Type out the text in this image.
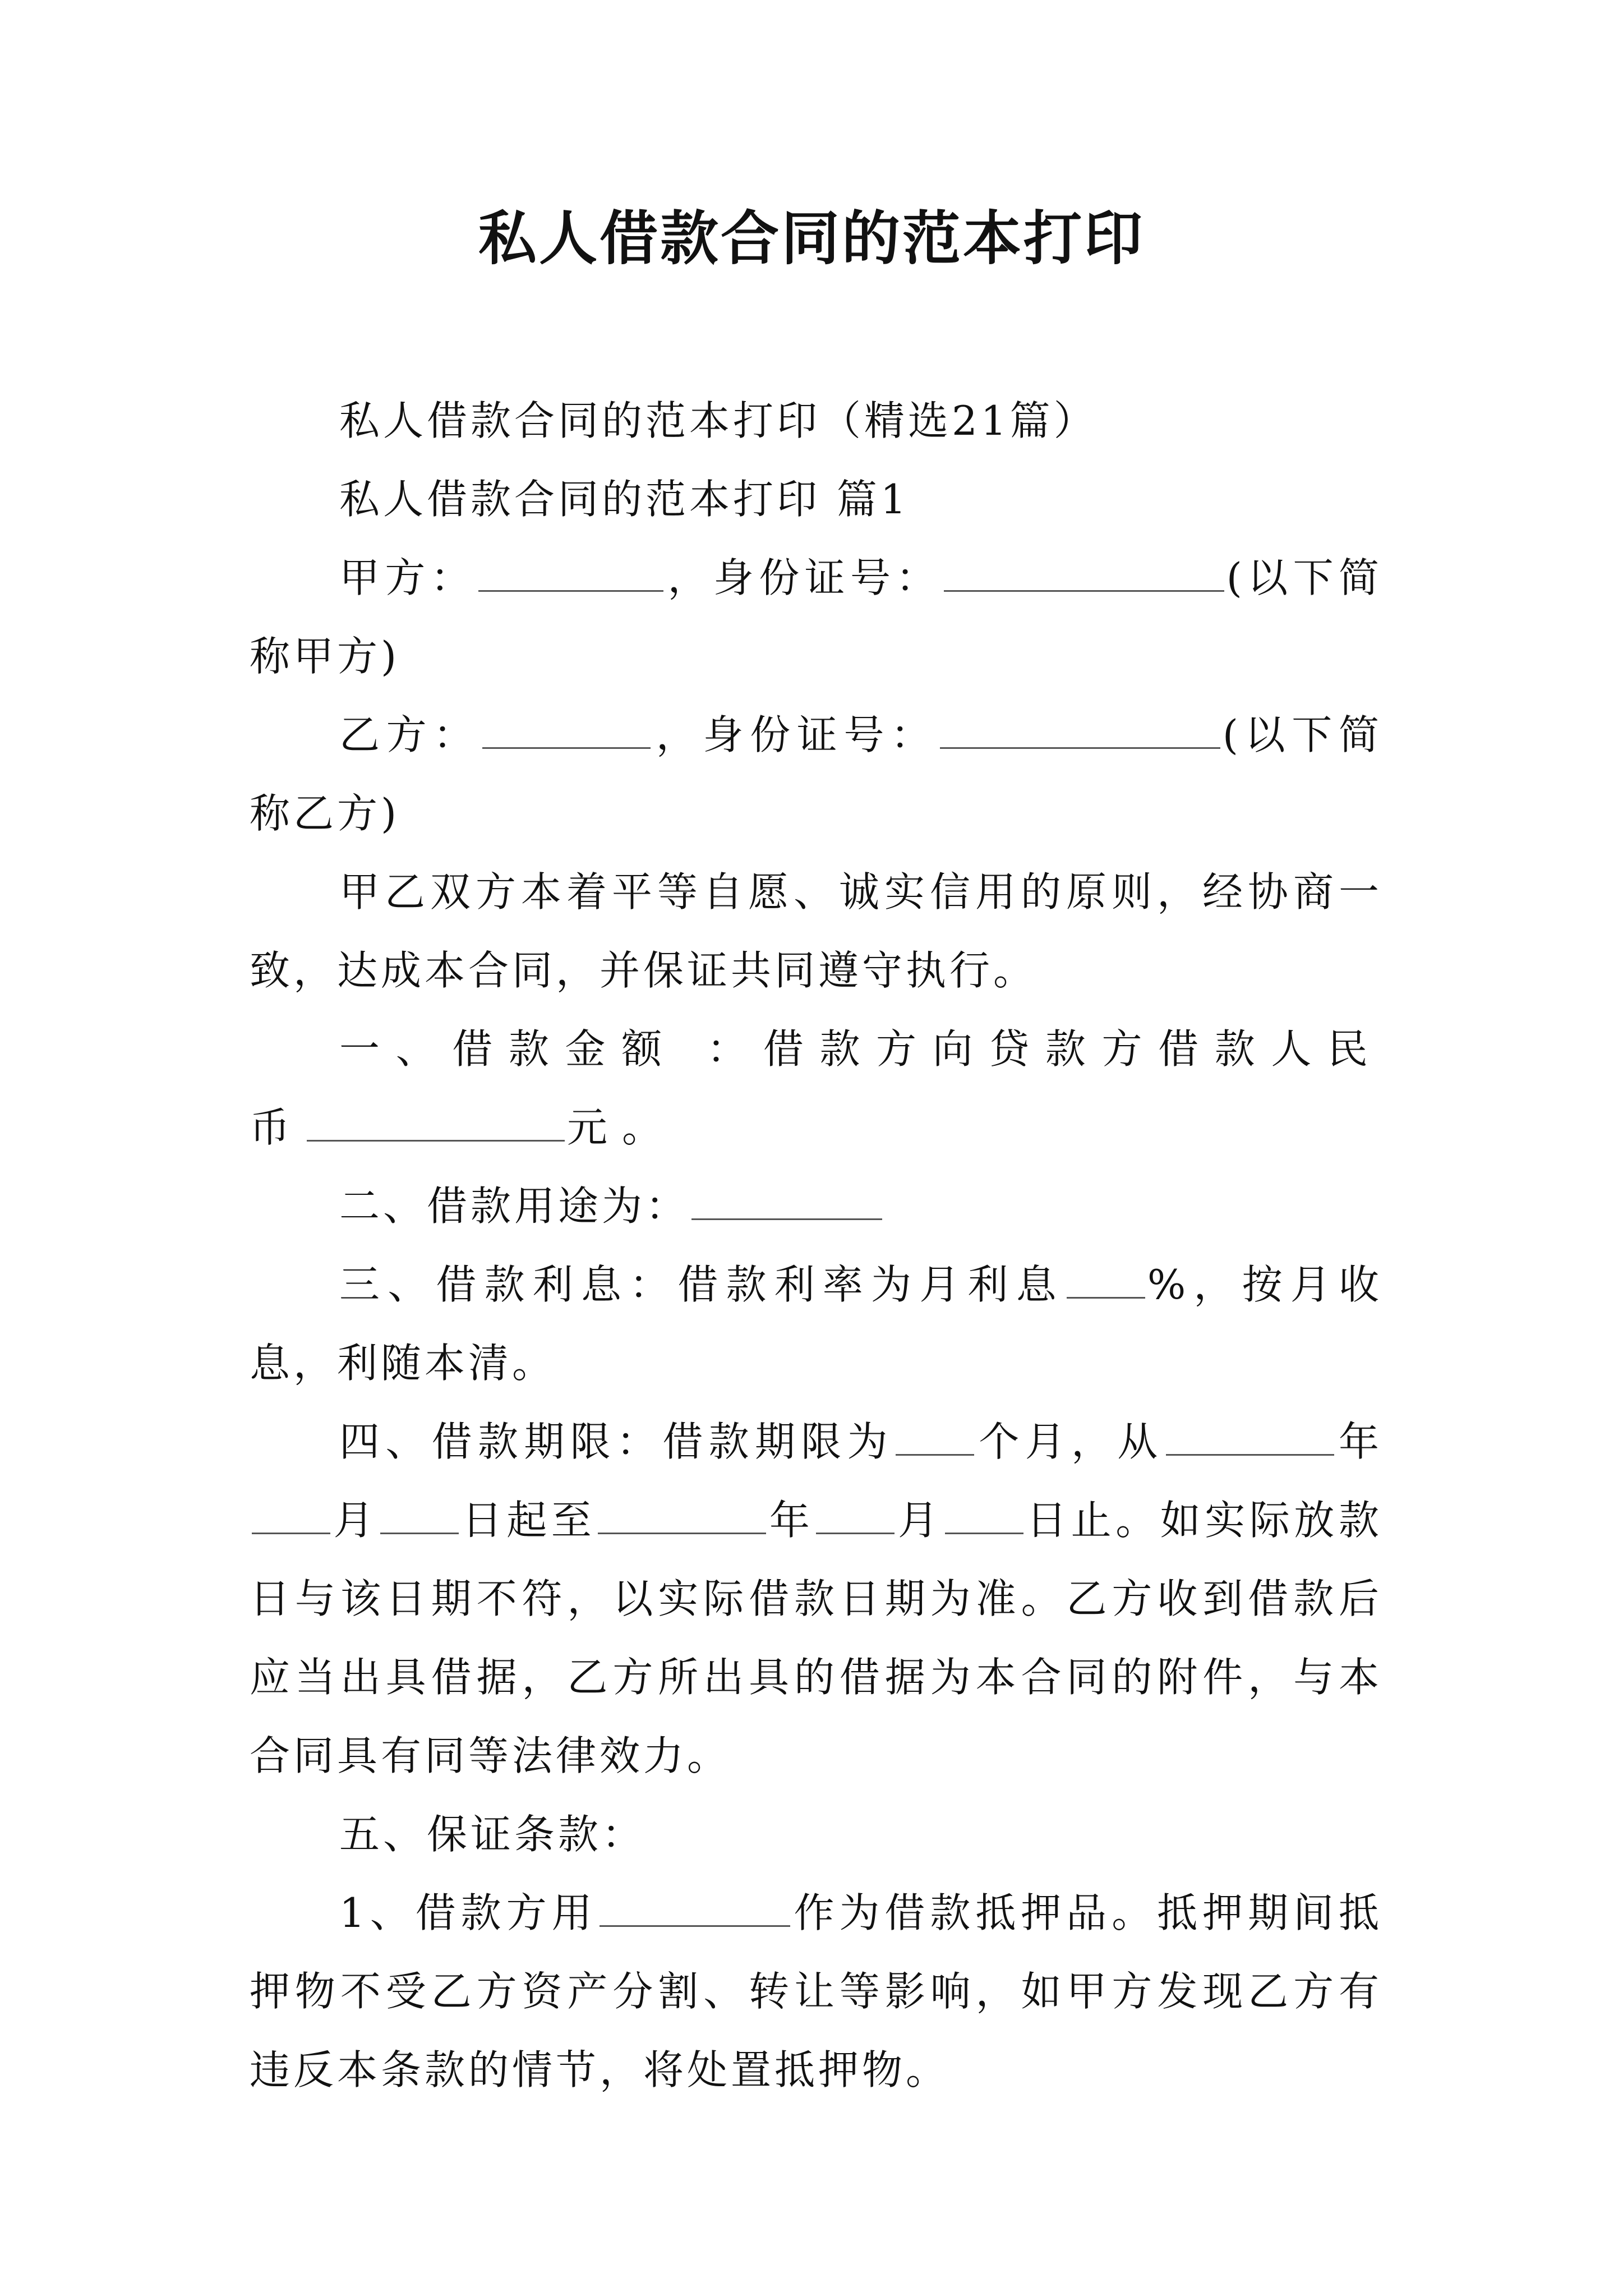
私人借款合同的范本打印

私人借款合同的范本打印（精选21篇）

私人借款合同的范本打印 篇1

甲方：	，身份证号：	(以下简称甲方)

乙方：	，身份证号：	(以下简称乙方)

甲乙双方本着平等自愿、诚实信用的原则，经协商一致，达成本合同，并保证共同遵守执行。

一、借款金额 ：借款方向贷款方借款人民币	元。

二、借款用途为：

三、借款利息：借款利率为月利息 %，按月收息，利随本清。

四、借款期限：借款期限为 个月，从	年月 日起至	年 月 日止。如实际放款日与该日期不符，以实际借款日期为准。乙方收到借款后应当出具借据，乙方所出具的借据为本合同的附件，与本合同具有同等法律效力。

五、保证条款：

1、借款方用	作为借款抵押品。抵押期间抵押物不受乙方资产分割、转让等影响，如甲方发现乙方有违反本条款的情节，将处置抵押物。
